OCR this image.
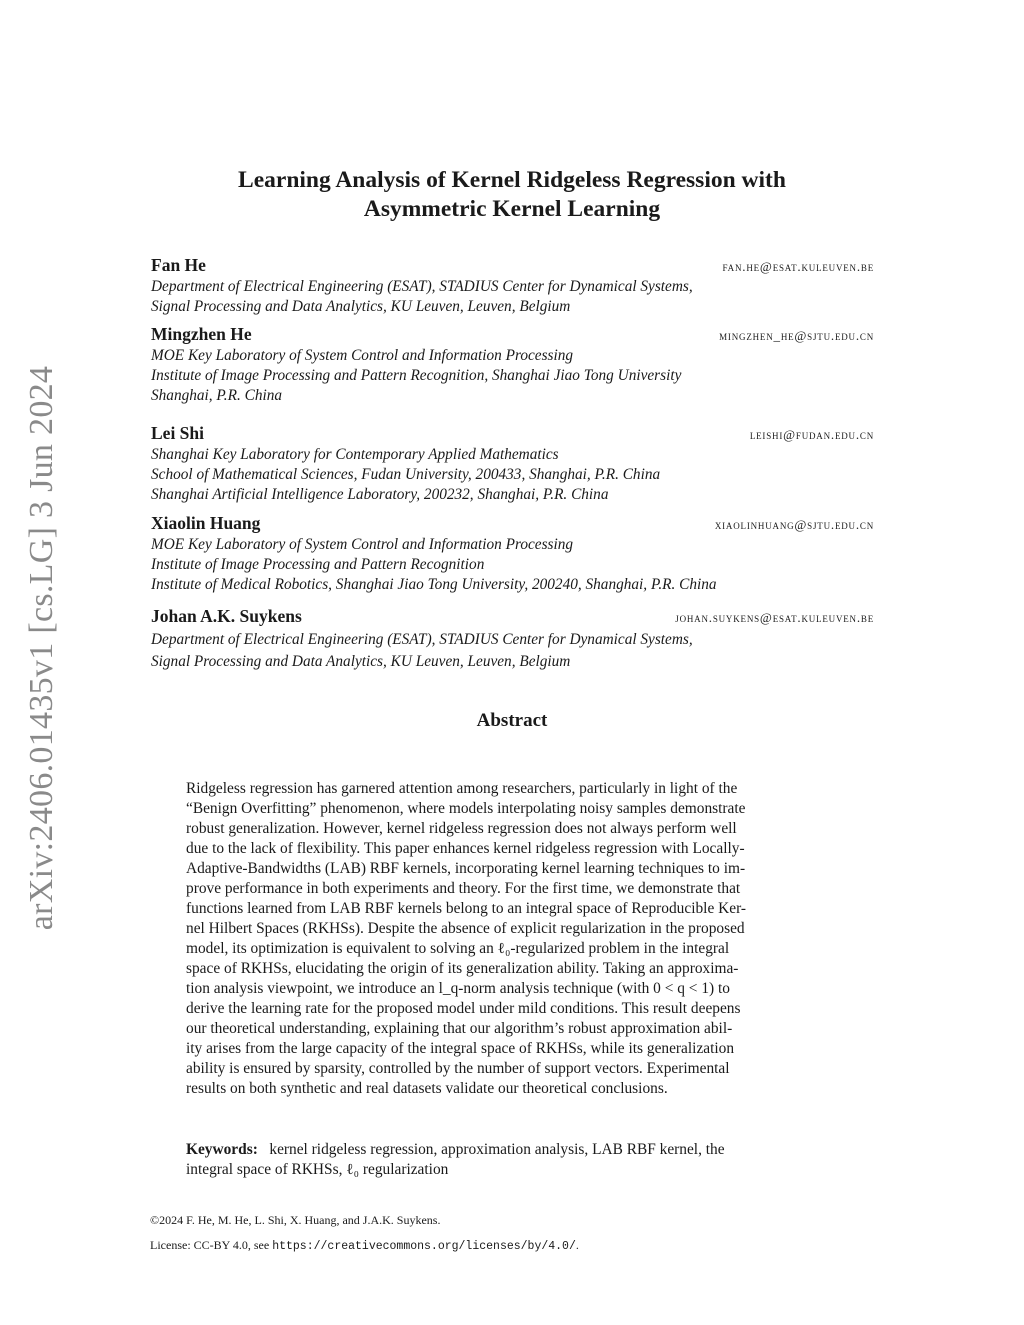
arXiv:2406.01435v1 [cs.LG] 3 Jun 2024
Learning Analysis of Kernel Ridgeless Regression with
Asymmetric Kernel Learning
Fan He	fan.he@esat.kuleuven.be
Department of Electrical Engineering (ESAT), STADIUS Center for Dynamical Systems,
Signal Processing and Data Analytics, KU Leuven, Leuven, Belgium
Mingzhen He	mingzhen_he@sjtu.edu.cn
MOE Key Laboratory of System Control and Information Processing
Institute of Image Processing and Pattern Recognition, Shanghai Jiao Tong University
Shanghai, P.R. China
Lei Shi	leishi@fudan.edu.cn
Shanghai Key Laboratory for Contemporary Applied Mathematics
School of Mathematical Sciences, Fudan University, 200433, Shanghai, P.R. China
Shanghai Artificial Intelligence Laboratory, 200232, Shanghai, P.R. China
Xiaolin Huang	xiaolinhuang@sjtu.edu.cn
MOE Key Laboratory of System Control and Information Processing
Institute of Image Processing and Pattern Recognition
Institute of Medical Robotics, Shanghai Jiao Tong University, 200240, Shanghai, P.R. China
Johan A.K. Suykens	johan.suykens@esat.kuleuven.be
Department of Electrical Engineering (ESAT), STADIUS Center for Dynamical Systems,
Signal Processing and Data Analytics, KU Leuven, Leuven, Belgium
Abstract
Ridgeless regression has garnered attention among researchers, particularly in light of the
“Benign Overfitting” phenomenon, where models interpolating noisy samples demonstrate
robust generalization. However, kernel ridgeless regression does not always perform well
due to the lack of flexibility. This paper enhances kernel ridgeless regression with Locally-
Adaptive-Bandwidths (LAB) RBF kernels, incorporating kernel learning techniques to im-
prove performance in both experiments and theory. For the first time, we demonstrate that
functions learned from LAB RBF kernels belong to an integral space of Reproducible Ker-
nel Hilbert Spaces (RKHSs). Despite the absence of explicit regularization in the proposed
model, its optimization is equivalent to solving an ℓ₀-regularized problem in the integral
space of RKHSs, elucidating the origin of its generalization ability. Taking an approxima-
tion analysis viewpoint, we introduce an l_q-norm analysis technique (with 0 < q < 1) to
derive the learning rate for the proposed model under mild conditions. This result deepens
our theoretical understanding, explaining that our algorithm’s robust approximation abil-
ity arises from the large capacity of the integral space of RKHSs, while its generalization
ability is ensured by sparsity, controlled by the number of support vectors. Experimental
results on both synthetic and real datasets validate our theoretical conclusions.
Keywords: kernel ridgeless regression, approximation analysis, LAB RBF kernel, the
integral space of RKHSs, ℓ₀ regularization
©2024 F. He, M. He, L. Shi, X. Huang, and J.A.K. Suykens.
License: CC-BY 4.0, see https://creativecommons.org/licenses/by/4.0/.
